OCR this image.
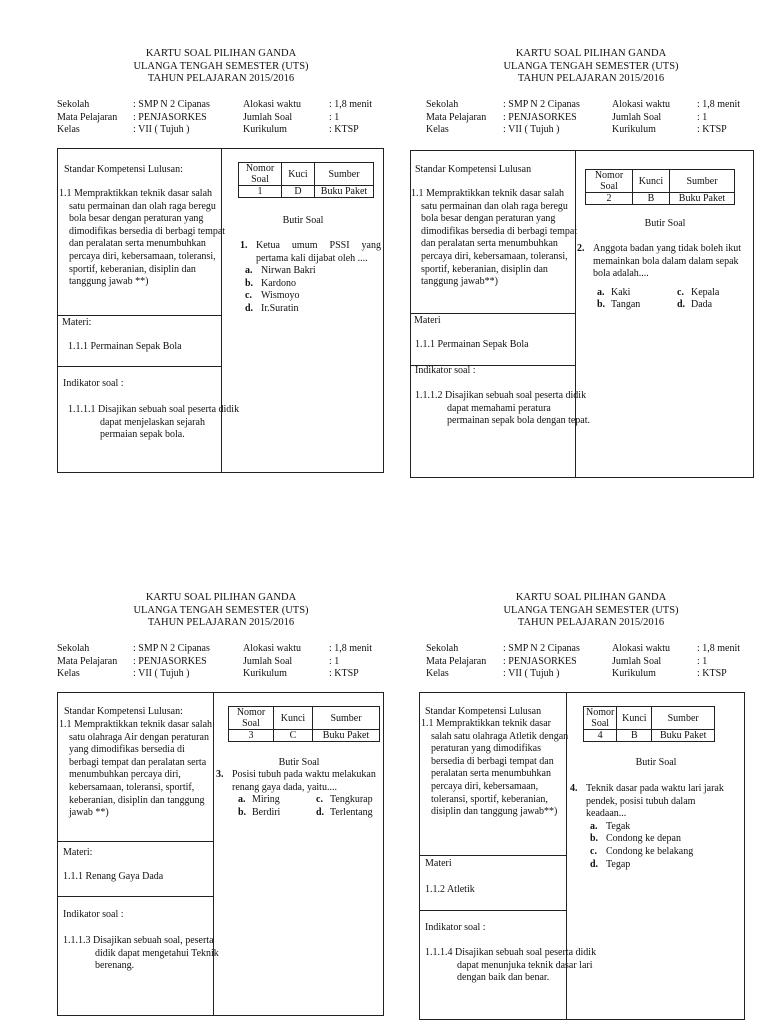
KARTU SOAL PILIHAN GANDA
ULANGA TENGAH SEMESTER (UTS)
TAHUN PELAJARAN 2015/2016
Sekolah	: SMP N 2 Cipanas	Alokasi waktu	: 1,8 menit
Mata Pelajaran : PENJASORKES	Jumlah Soal	: 1
Kelas	: VII ( Tujuh )	Kurikulum	: KTSP
Standar Kompetensi Lulusan:
1.1 Mempraktikkan teknik dasar salah satu permainan dan olah raga beregu bola besar dengan peraturan yang dimodifikas bersedia di berbagi tempat dan peralatan serta menumbuhkan percaya diri, kebersamaan, toleransi, sportif, keberanian, disiplin dan tanggung jawab **)
Materi:
1.1.1 Permainan Sepak Bola
Indikator soal :
1.1.1.1 Disajikan sebuah soal peserta didik dapat menjelaskan sejarah permaian sepak bola.
Nomor Soal	Kuci	Sumber
1	D	Buku Paket
Butir Soal
1. Ketua umum PSSI yang pertama kali dijabat oleh ....
a. Nirwan Bakri
b. Kardono
c. Wismoyo
d. Ir.Suratin
KARTU SOAL PILIHAN GANDA
ULANGA TENGAH SEMESTER (UTS)
TAHUN PELAJARAN 2015/2016
Sekolah	: SMP N 2 Cipanas	Alokasi waktu	: 1,8 menit
Mata Pelajaran : PENJASORKES	Jumlah Soal	: 1
Kelas	: VII ( Tujuh )	Kurikulum	: KTSP
Standar Kompetensi Lulusan
1.1 Mempraktikkan teknik dasar salah satu permainan dan olah raga beregu bola besar dengan peraturan yang dimodifikas bersedia di berbagi tempat dan peralatan serta menumbuhkan percaya diri, kebersamaan, toleransi, sportif, keberanian, disiplin dan tanggung jawab**)
Materi
1.1.1 Permainan Sepak Bola
Indikator soal :
1.1.1.2 Disajikan sebuah soal peserta didik dapat memahami peratura permainan sepak bola dengan tepat.
Nomor Soal	Kunci	Sumber
2	B	Buku Paket
Butir Soal
2. Anggota badan yang tidak boleh ikut memainkan bola dalam dalam sepak bola adalah....
a. Kaki	c. Kepala
b. Tangan	d. Dada
KARTU SOAL PILIHAN GANDA
ULANGA TENGAH SEMESTER (UTS)
TAHUN PELAJARAN 2015/2016
Sekolah	: SMP N 2 Cipanas	Alokasi waktu	: 1,8 menit
Mata Pelajaran : PENJASORKES	Jumlah Soal	: 1
Kelas	: VII ( Tujuh )	Kurikulum	: KTSP
Standar Kompetensi Lulusan:
1.1 Mempraktikkan teknik dasar salah satu olahraga Air dengan peraturan yang dimodifikas bersedia di berbagi tempat dan peralatan serta menumbuhkan percaya diri, kebersamaan, toleransi, sportif, keberanian, disiplin dan tanggung jawab **)
Materi:
1.1.1 Renang Gaya Dada
Indikator soal :
1.1.1.3 Disajikan sebuah soal, peserta didik dapat mengetahui Teknik berenang.
Nomor Soal	Kunci	Sumber
3	C	Buku Paket
Butir Soal
3. Posisi tubuh pada waktu melakukan renang gaya dada, yaitu....
a. Miring	c. Tengkurap
b. Berdiri	d. Terlentang
KARTU SOAL PILIHAN GANDA
ULANGA TENGAH SEMESTER (UTS)
TAHUN PELAJARAN 2015/2016
Sekolah	: SMP N 2 Cipanas	Alokasi waktu	: 1,8 menit
Mata Pelajaran : PENJASORKES	Jumlah Soal	: 1
Kelas	: VII ( Tujuh )	Kurikulum	: KTSP
Standar Kompetensi Lulusan
1.1 Mempraktikkan teknik dasar salah satu olahraga Atletik dengan peraturan yang dimodifikas bersedia di berbagi tempat dan peralatan serta menumbuhkan percaya diri, kebersamaan, toleransi, sportif, keberanian, disiplin dan tanggung jawab**)
Materi
1.1.2 Atletik
Indikator soal :
1.1.1.4 Disajikan sebuah soal peserta didik dapat menunjuka teknik dasar lari dengan baik dan benar.
Nomor Soal	Kunci	Sumber
4	B	Buku Paket
Butir Soal
4. Teknik dasar pada waktu lari jarak pendek, posisi tubuh dalam keadaan...
a. Tegak
b. Condong ke depan
c. Condong ke belakang
d. Tegap
